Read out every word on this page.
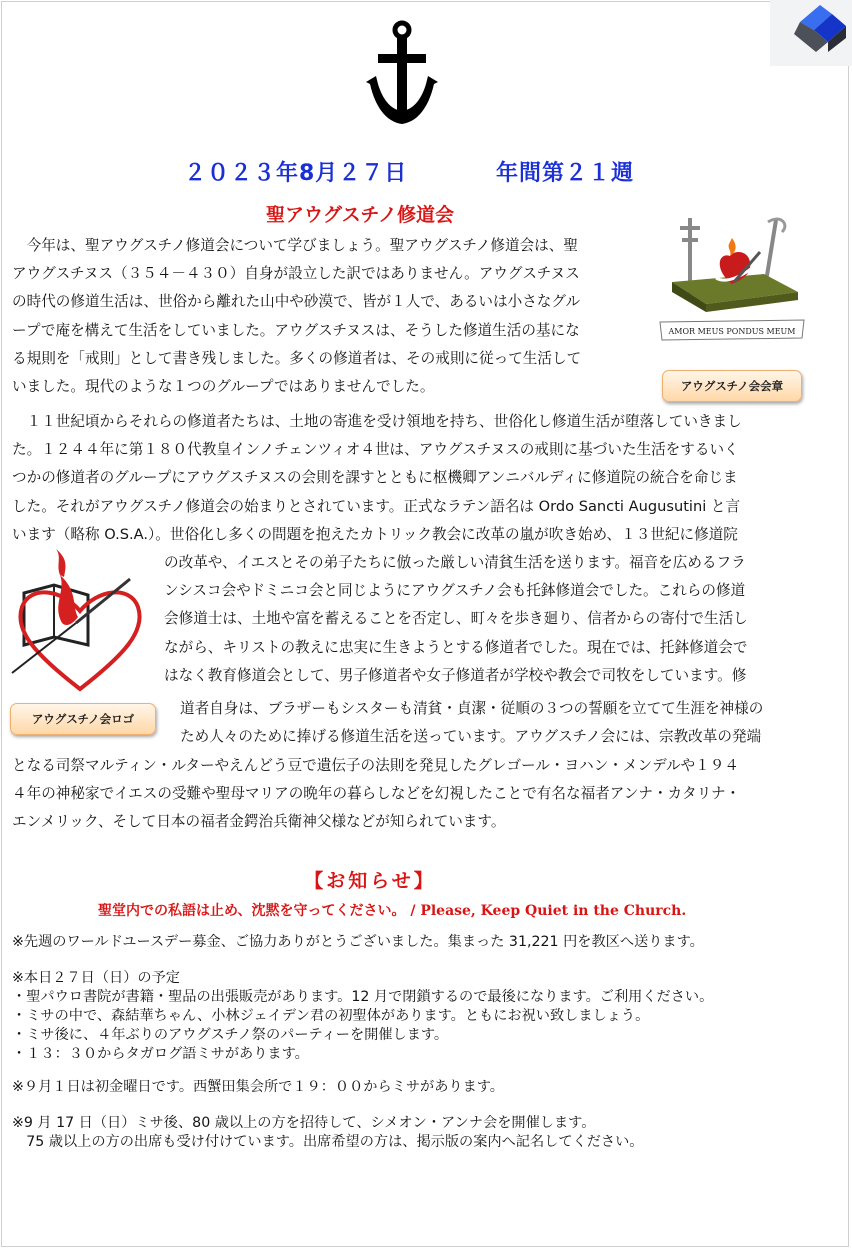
２０２３年8月２７日	年間第２１週
聖アウグスチノ修道会
　今年は、聖アウグスチノ修道会について学びましょう。聖アウグスチノ修道会は、聖
アウグスチヌス（３５４－４３０）自身が設立した訳ではありません。アウグスチヌス
の時代の修道生活は、世俗から離れた山中や砂漠で、皆が１人で、あるいは小さなグル
ープで庵を構えて生活をしていました。アウグスチヌスは、そうした修道生活の基にな
る規則を「戒則」として書き残しました。多くの修道者は、その戒則に従って生活して
いました。現代のような１つのグループではありませんでした。
AMOR MEUS PONDUS MEUM
アウグスチノ会会章
　１１世紀頃からそれらの修道者たちは、土地の寄進を受け領地を持ち、世俗化し修道生活が堕落していきまし
た。１２４４年に第１８０代教皇インノチェンツィオ４世は、アウグスチヌスの戒則に基づいた生活をするいく
つかの修道者のグループにアウグスチヌスの会則を課すとともに枢機卿アンニバルディに修道院の統合を命じま
した。それがアウグスチノ修道会の始まりとされています。正式なラテン語名は Ordo Sancti Augusutini と言
います（略称 O.S.A.）。世俗化し多くの問題を抱えたカトリック教会に改革の嵐が吹き始め、１３世紀に修道院
アウグスチノ会ロゴ
の改革や、イエスとその弟子たちに倣った厳しい清貧生活を送ります。福音を広めるフラ
ンシスコ会やドミニコ会と同じようにアウグスチノ会も托鉢修道会でした。これらの修道
会修道士は、土地や富を蓄えることを否定し、町々を歩き廻り、信者からの寄付で生活し
ながら、キリストの教えに忠実に生きようとする修道者でした。現在では、托鉢修道会で
はなく教育修道会として、男子修道者や女子修道者が学校や教会で司牧をしています。修
道者自身は、ブラザーもシスターも清貧・貞潔・従順の３つの誓願を立てて生涯を神様の
ため人々のために捧げる修道生活を送っています。アウグスチノ会には、宗教改革の発端
となる司祭マルティン・ルターやえんどう豆で遺伝子の法則を発見したグレゴール・ヨハン・メンデルや１９４
４年の神秘家でイエスの受難や聖母マリアの晩年の暮らしなどを幻視したことで有名な福者アンナ・カタリナ・
エンメリック、そして日本の福者金鍔治兵衛神父様などが知られています。
【お知らせ】
聖堂内での私語は止め、沈黙を守ってください。 / Please, Keep Quiet in the Church.
※先週のワールドユースデー募金、ご協力ありがとうございました。集まった 31,221 円を教区へ送ります。
※本日２７日（日）の予定
・聖パウロ書院が書籍・聖品の出張販売があります。12 月で閉鎖するので最後になります。ご利用ください。
・ミサの中で、森結華ちゃん、小林ジェイデン君の初聖体があります。ともにお祝い致しましょう。
・ミサ後に、４年ぶりのアウグスチノ祭のパーティーを開催します。
・１３：３０からタガログ語ミサがあります。
※９月１日は初金曜日です。西蟹田集会所で１９：００からミサがあります。
※9 月 17 日（日）ミサ後、80 歳以上の方を招待して、シメオン・アンナ会を開催します。
　75 歳以上の方の出席も受け付けています。出席希望の方は、掲示版の案内へ記名してください。
